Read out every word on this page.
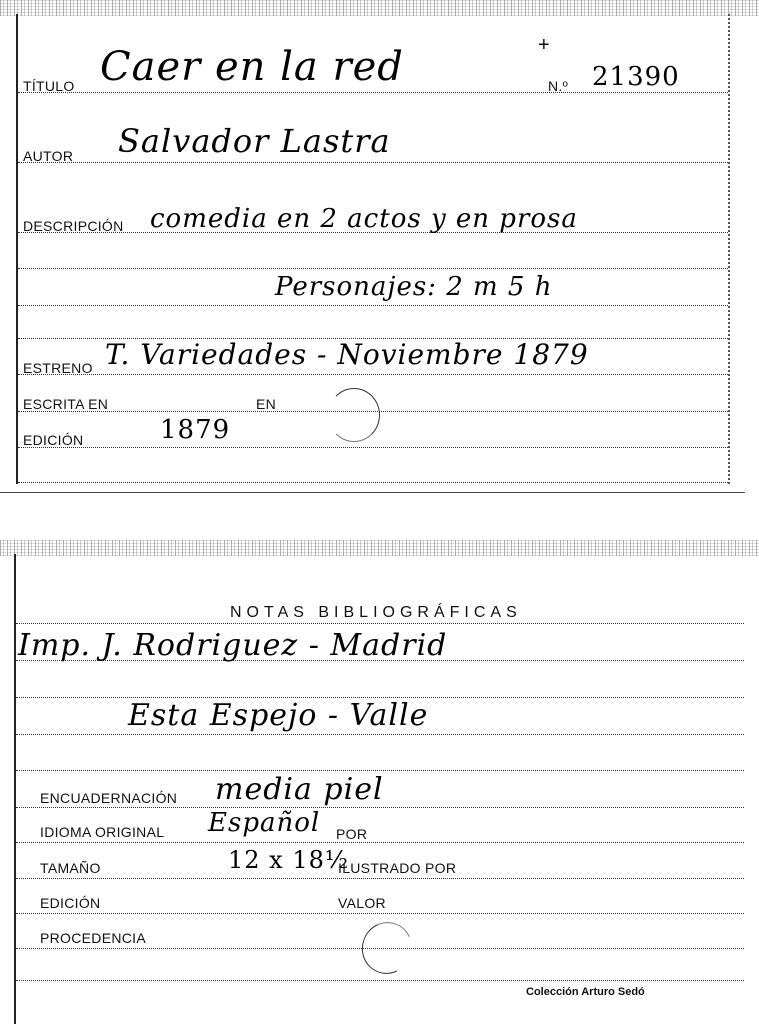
TÍTULO Caer en la red	+
N.º 21390
AUTOR Salvador Lastra
DESCRIPCIÓN comedia en 2 actos y en prosa
Personajes: 2 m 5 h
ESTRENO T. Variedades - Noviembre 1879
ESCRITA EN	EN
EDICIÓN	1879
NOTAS BIBLIOGRÁFICAS
Imp. J. Rodriguez - Madrid
Esta Espejo - Valle
ENCUADERNACIÓN media piel
IDIOMA ORIGINAL Español POR
TAMAÑO	12 x 18½
ILUSTRADO POR
EDICIÓN	VALOR
PROCEDENCIA
Colección Arturo Sedó
